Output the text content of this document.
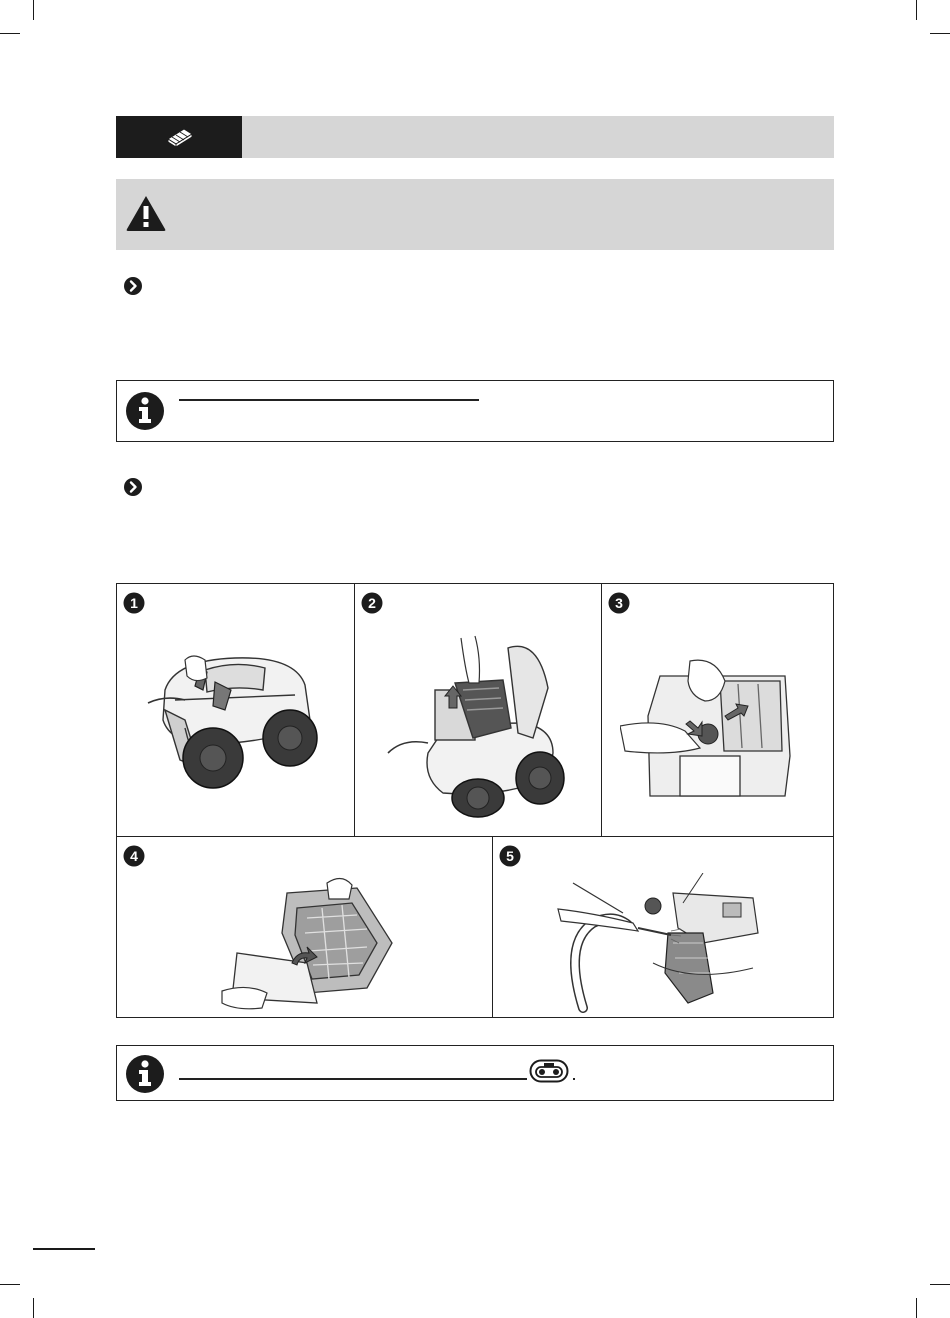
1	2	3
4	5
